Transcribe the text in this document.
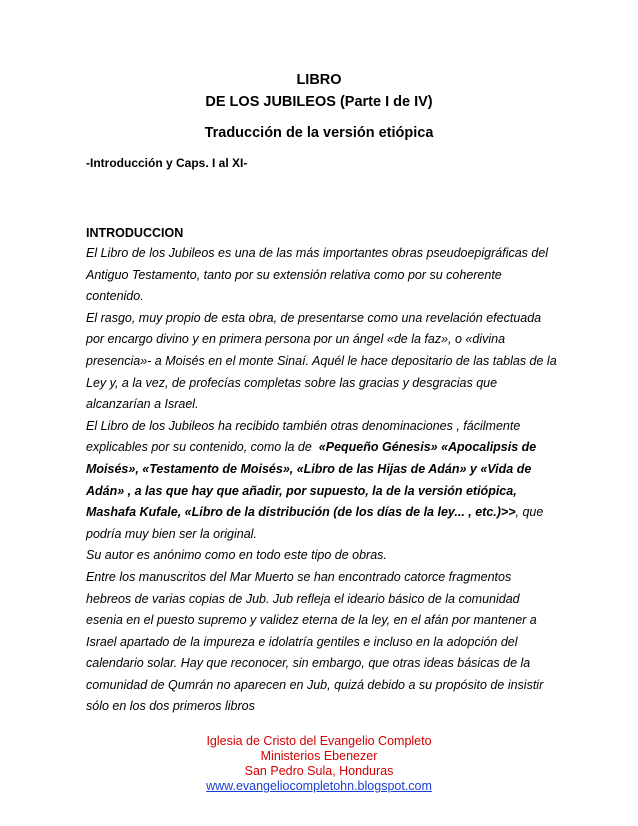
LIBRO
DE LOS JUBILEOS (Parte I de IV)
Traducción de la versión etiópica
-Introducción y Caps. I al XI-
INTRODUCCION
El Libro de los Jubileos es una de las más importantes obras pseudoepigráficas del
Antiguo Testamento, tanto por su extensión relativa como por su coherente
contenido.
El rasgo, muy propio de esta obra, de presentarse como una revelación efectuada
por encargo divino y en primera persona por un ángel «de la faz», o «divina
presencia»- a Moisés en el monte Sinaí. Aquél le hace depositario de las tablas de la
Ley y, a la vez, de profecías completas sobre las gracias y desgracias que
alcanzarían a Israel.
El Libro de los Jubileos ha recibido también otras denominaciones , fácilmente
explicables por su contenido, como la de «Pequeño Génesis» «Apocalipsis de
Moisés», «Testamento de Moisés», «Libro de las Hijas de Adán» y «Vida de
Adán» , a las que hay que añadir, por supuesto, la de la versión etiópica,
Mashafa Kufale, «Libro de la distribución (de los días de la ley... , etc.)>>, que
podría muy bien ser la original.
Su autor es anónimo como en todo este tipo de obras.
Entre los manuscritos del Mar Muerto se han encontrado catorce fragmentos
hebreos de varias copias de Jub. Jub refleja el ideario básico de la comunidad
esenia en el puesto supremo y validez eterna de la ley, en el afán por mantener a
Israel apartado de la impureza e idolatría gentiles e incluso en la adopción del
calendario solar. Hay que reconocer, sin embargo, que otras ideas básicas de la
comunidad de Qumrán no aparecen en Jub, quizá debido a su propósito de insistir
sólo en los dos primeros libros
Iglesia de Cristo del Evangelio Completo
Ministerios Ebenezer
San Pedro Sula, Honduras
www.evangeliocompletohn.blogspot.com
